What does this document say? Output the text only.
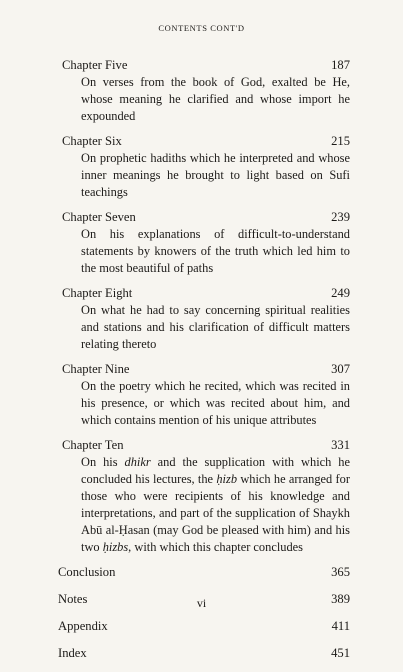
CONTENTS CONT'D
Chapter Five	187

On verses from the book of God, exalted be He, whose meaning he clarified and whose import he expounded

Chapter Six	215

On prophetic hadiths which he interpreted and whose inner meanings he brought to light based on Sufi teachings

Chapter Seven	239

On his explanations of difficult-to-understand statements by knowers of the truth which led him to the most beautiful of paths

Chapter Eight	249

On what he had to say concerning spiritual realities and stations and his clarification of difficult matters relating thereto

Chapter Nine	307

On the poetry which he recited, which was recited in his presence, or which was recited about him, and which contains mention of his unique attributes

Chapter Ten	331

On his dhikr and the supplication with which he concluded his lectures, the ḥizb which he arranged for those who were recipients of his knowledge and interpretations, and part of the supplication of Shaykh Abū al-Ḥasan (may God be pleased with him) and his two ḥizbs, with which this chapter concludes

Conclusion	365
Notes	389
Appendix	411
Index	451
vi
